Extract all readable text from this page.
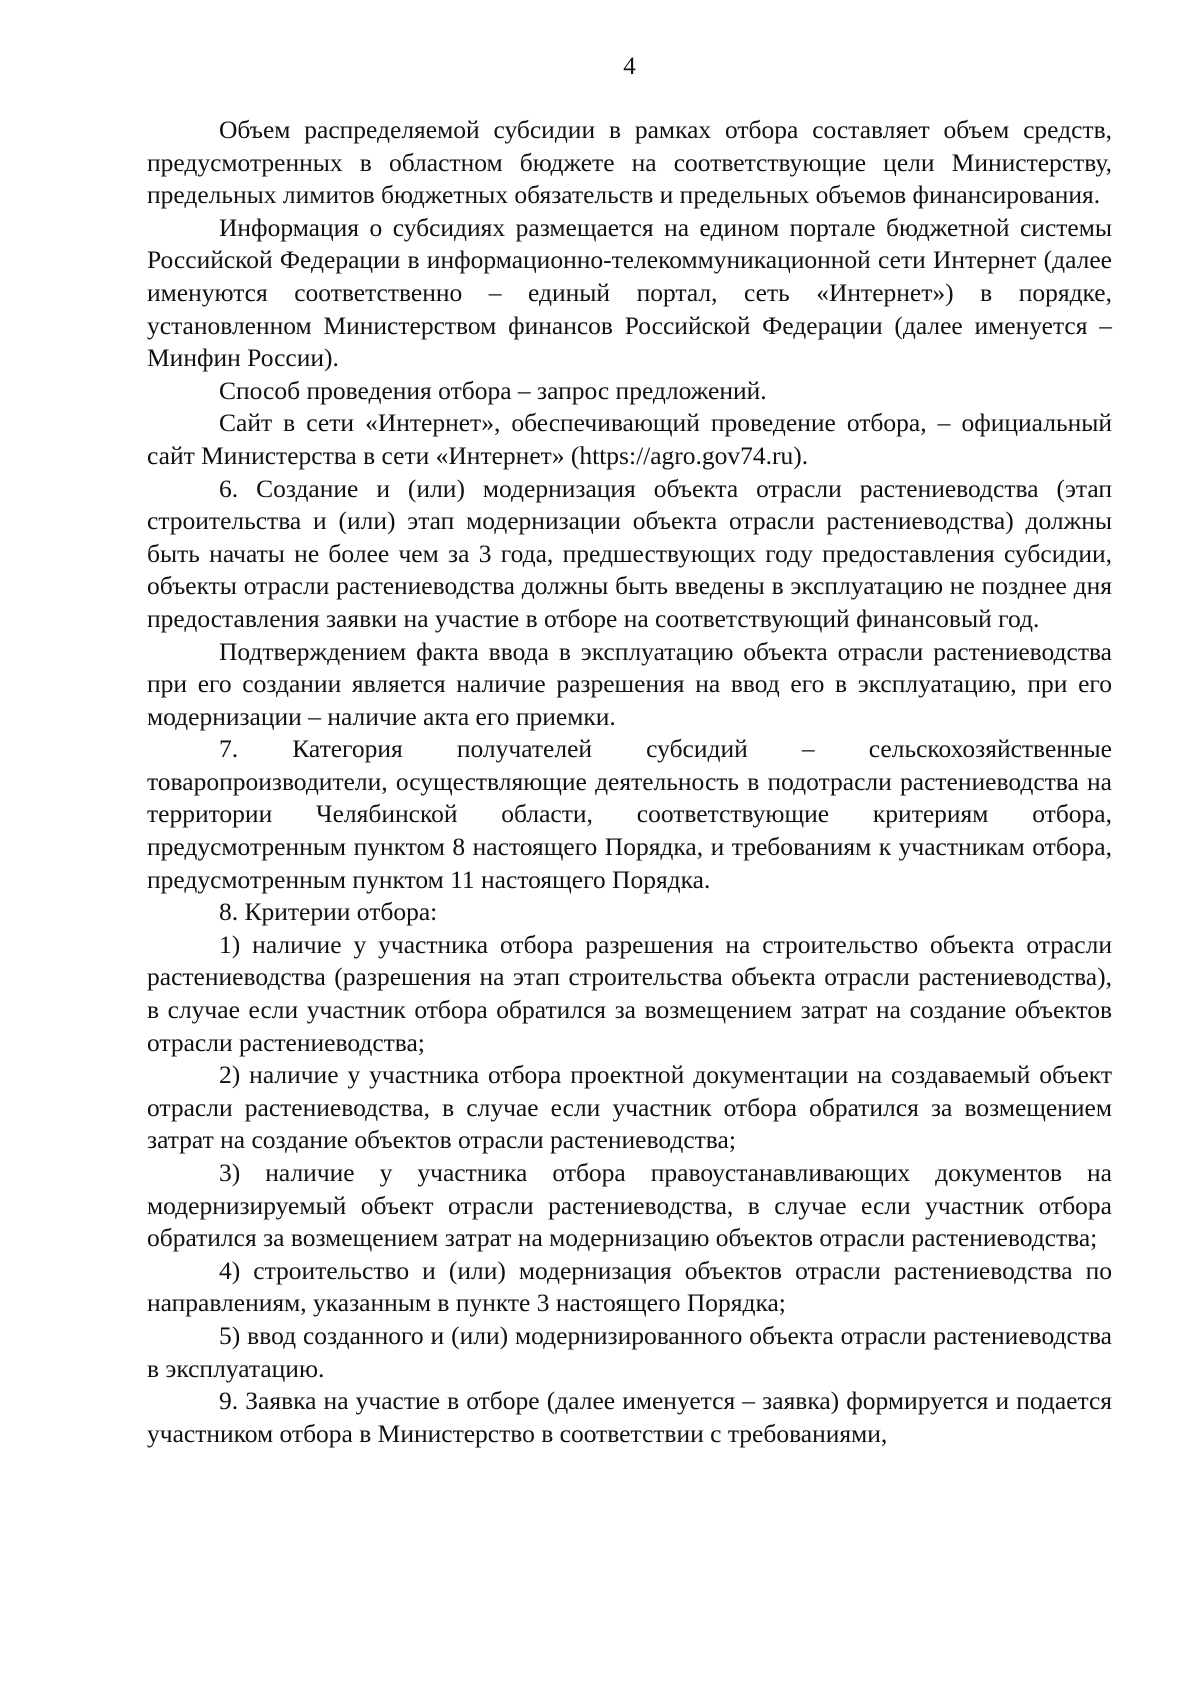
4

Объем распределяемой субсидии в рамках отбора составляет объем средств, предусмотренных в областном бюджете на соответствующие цели Министерству, предельных лимитов бюджетных обязательств и предельных объемов финансирования.

Информация о субсидиях размещается на едином портале бюджетной системы Российской Федерации в информационно-телекоммуникационной сети Интернет (далее именуются соответственно – единый портал, сеть «Интернет») в порядке, установленном Министерством финансов Российской Федерации (далее именуется – Минфин России).

Способ проведения отбора – запрос предложений.

Сайт в сети «Интернет», обеспечивающий проведение отбора, – официальный сайт Министерства в сети «Интернет» (https://agro.gov74.ru).

6. Создание и (или) модернизация объекта отрасли растениеводства (этап строительства и (или) этап модернизации объекта отрасли растениеводства) должны быть начаты не более чем за 3 года, предшествующих году предоставления субсидии, объекты отрасли растениеводства должны быть введены в эксплуатацию не позднее дня предоставления заявки на участие в отборе на соответствующий финансовый год.

Подтверждением факта ввода в эксплуатацию объекта отрасли растениеводства при его создании является наличие разрешения на ввод его в эксплуатацию, при его модернизации – наличие акта его приемки.

7. Категория получателей субсидий – сельскохозяйственные товаропроизводители, осуществляющие деятельность в подотрасли растениеводства на территории Челябинской области, соответствующие критериям отбора, предусмотренным пунктом 8 настоящего Порядка, и требованиям к участникам отбора, предусмотренным пунктом 11 настоящего Порядка.

8. Критерии отбора:

1) наличие у участника отбора разрешения на строительство объекта отрасли растениеводства (разрешения на этап строительства объекта отрасли растениеводства), в случае если участник отбора обратился за возмещением затрат на создание объектов отрасли растениеводства;

2) наличие у участника отбора проектной документации на создаваемый объект отрасли растениеводства, в случае если участник отбора обратился за возмещением затрат на создание объектов отрасли растениеводства;

3) наличие у участника отбора правоустанавливающих документов на модернизируемый объект отрасли растениеводства, в случае если участник отбора обратился за возмещением затрат на модернизацию объектов отрасли растениеводства;

4) строительство и (или) модернизация объектов отрасли растениеводства по направлениям, указанным в пункте 3 настоящего Порядка;

5) ввод созданного и (или) модернизированного объекта отрасли растениеводства в эксплуатацию.

9. Заявка на участие в отборе (далее именуется – заявка) формируется и подается участником отбора в Министерство в соответствии с требованиями,
